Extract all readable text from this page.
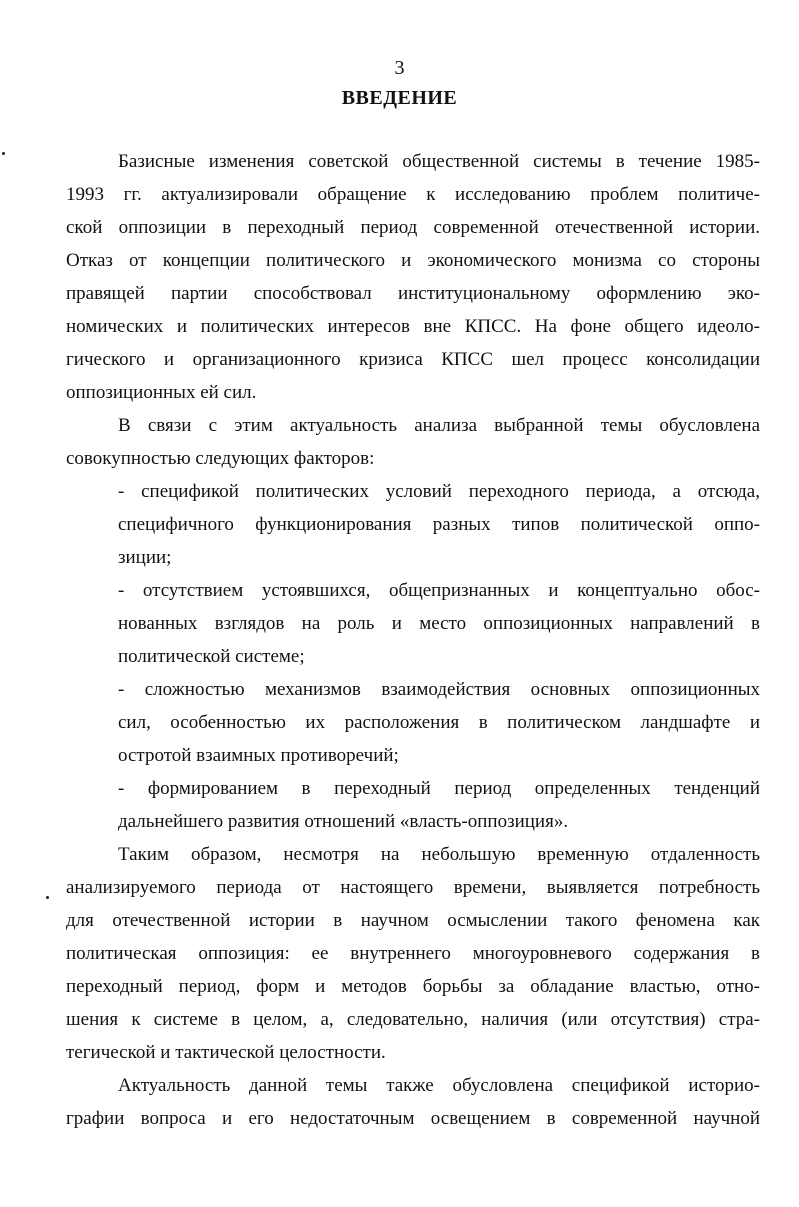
3
ВВЕДЕНИЕ
Базисные изменения советской общественной системы в течение 1985-
1993 гг. актуализировали обращение к исследованию проблем политиче-
ской оппозиции в переходный период современной отечественной истории.
Отказ от концепции политического и экономического монизма со стороны
правящей партии способствовал институциональному оформлению эко-
номических и политических интересов вне КПСС. На фоне общего идеоло-
гического и организационного кризиса КПСС шел процесс консолидации
оппозиционных ей сил.
В связи с этим актуальность анализа выбранной темы обусловлена
совокупностью следующих факторов:
- спецификой политических условий переходного периода, а отсюда,
специфичного функционирования разных типов политической оппо-
зиции;
- отсутствием устоявшихся, общепризнанных и концептуально обос-
нованных взглядов на роль и место оппозиционных направлений в
политической системе;
- сложностью механизмов взаимодействия основных оппозиционных
сил, особенностью их расположения в политическом ландшафте и
остротой взаимных противоречий;
- формированием в переходный период определенных тенденций
дальнейшего развития отношений «власть-оппозиция».
Таким образом, несмотря на небольшую временную отдаленность
анализируемого периода от настоящего времени, выявляется потребность
для отечественной истории в научном осмыслении такого феномена как
политическая оппозиция: ее внутреннего многоуровневого содержания в
переходный период, форм и методов борьбы за обладание властью, отно-
шения к системе в целом, а, следовательно, наличия (или отсутствия) стра-
тегической и тактической целостности.
Актуальность данной темы также обусловлена спецификой историо-
графии вопроса и его недостаточным освещением в современной научной
